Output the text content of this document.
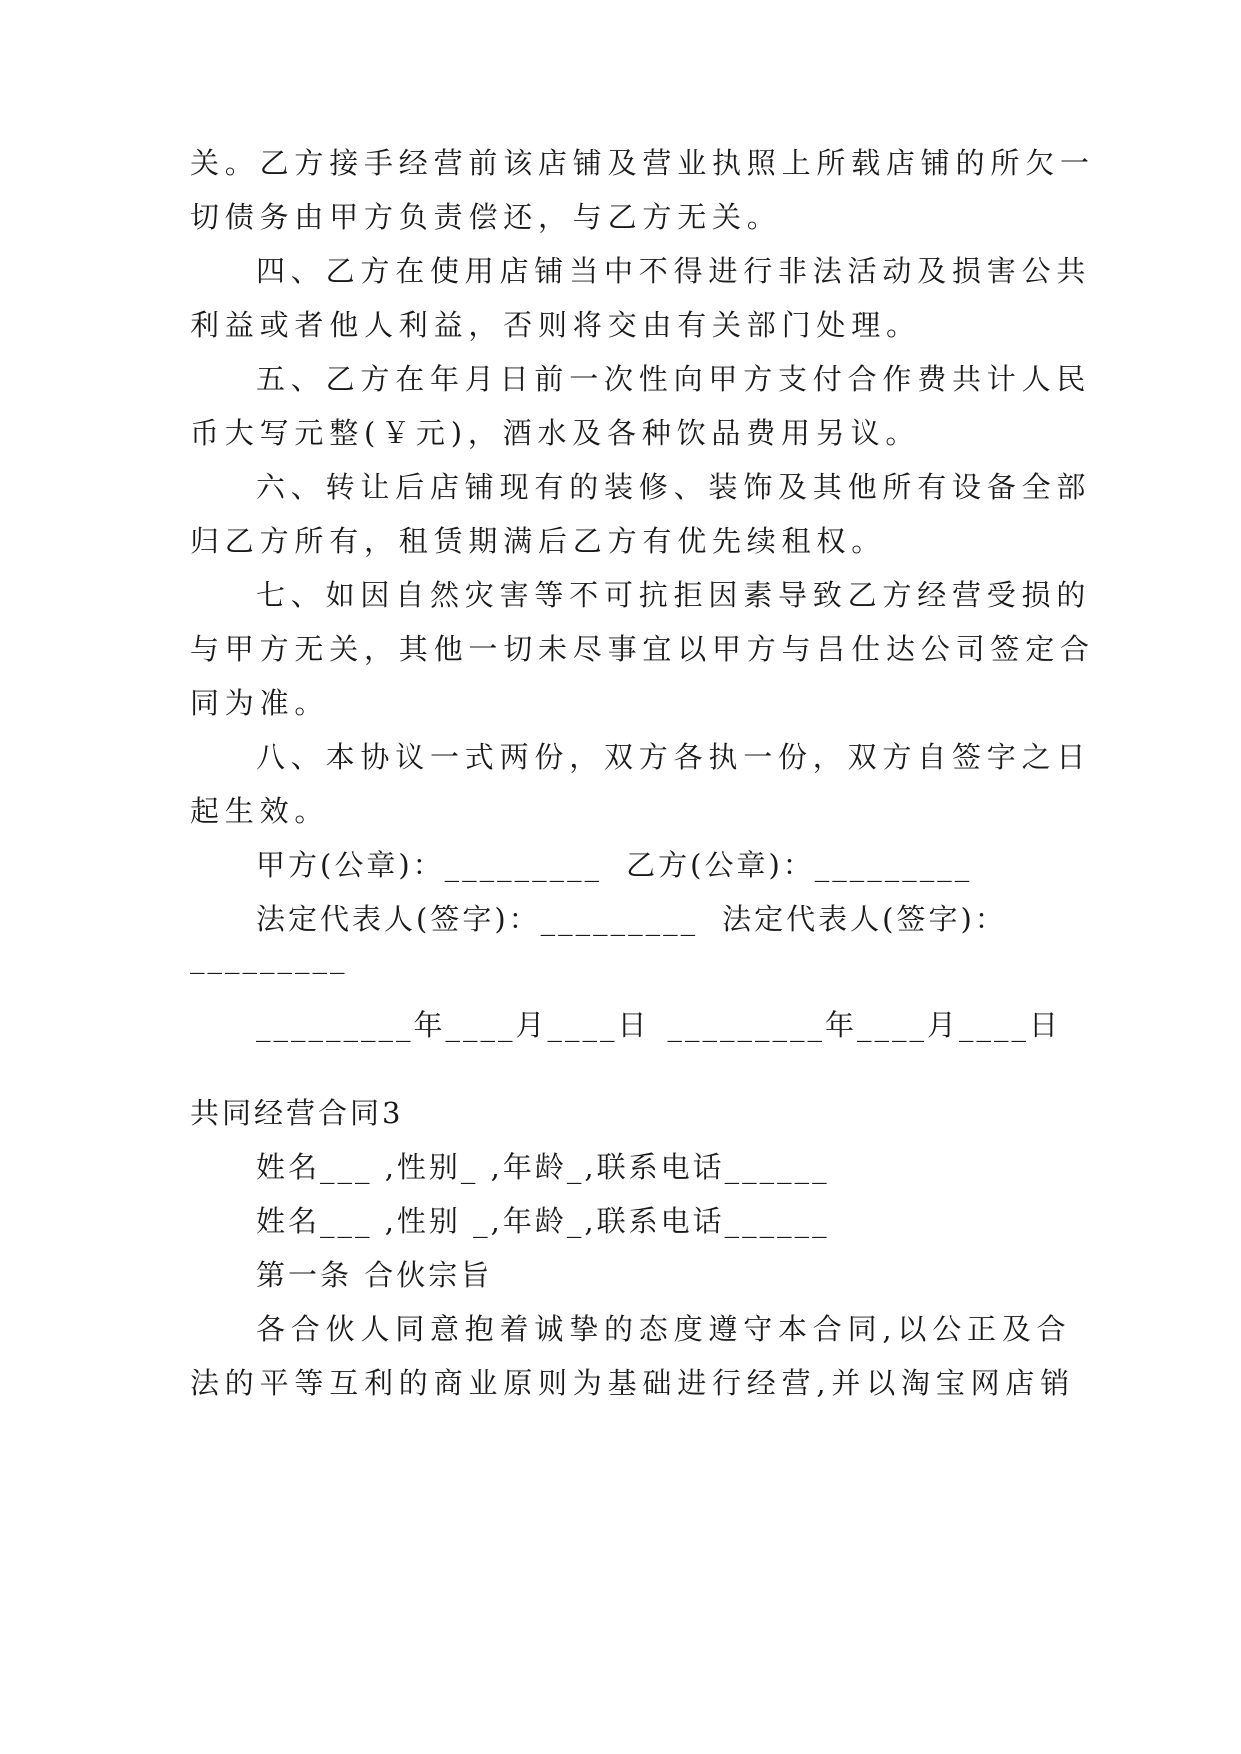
关。乙方接手经营前该店铺及营业执照上所载店铺的所欠一
切债务由甲方负责偿还，与乙方无关。
四、乙方在使用店铺当中不得进行非法活动及损害公共
利益或者他人利益，否则将交由有关部门处理。
五、乙方在年月日前一次性向甲方支付合作费共计人民
币大写元整(￥元)，酒水及各种饮品费用另议。
六、转让后店铺现有的装修、装饰及其他所有设备全部
归乙方所有，租赁期满后乙方有优先续租权。
七、如因自然灾害等不可抗拒因素导致乙方经营受损的
与甲方无关，其他一切未尽事宜以甲方与吕仕达公司签定合
同为准。
八、本协议一式两份，双方各执一份，双方自签字之日
起生效。
甲方(公章)：_________ 乙方(公章)：_________
法定代表人(签字)：_________ 法定代表人(签字)：
_________
_________年____月____日 _________年____月____日
共同经营合同3
姓名___ ,性别_ ,年龄_,联系电话______
姓名___ ,性别 _,年龄_,联系电话______
第一条 合伙宗旨
各合伙人同意抱着诚挚的态度遵守本合同,以公正及合
法的平等互利的商业原则为基础进行经营,并以淘宝网店销
